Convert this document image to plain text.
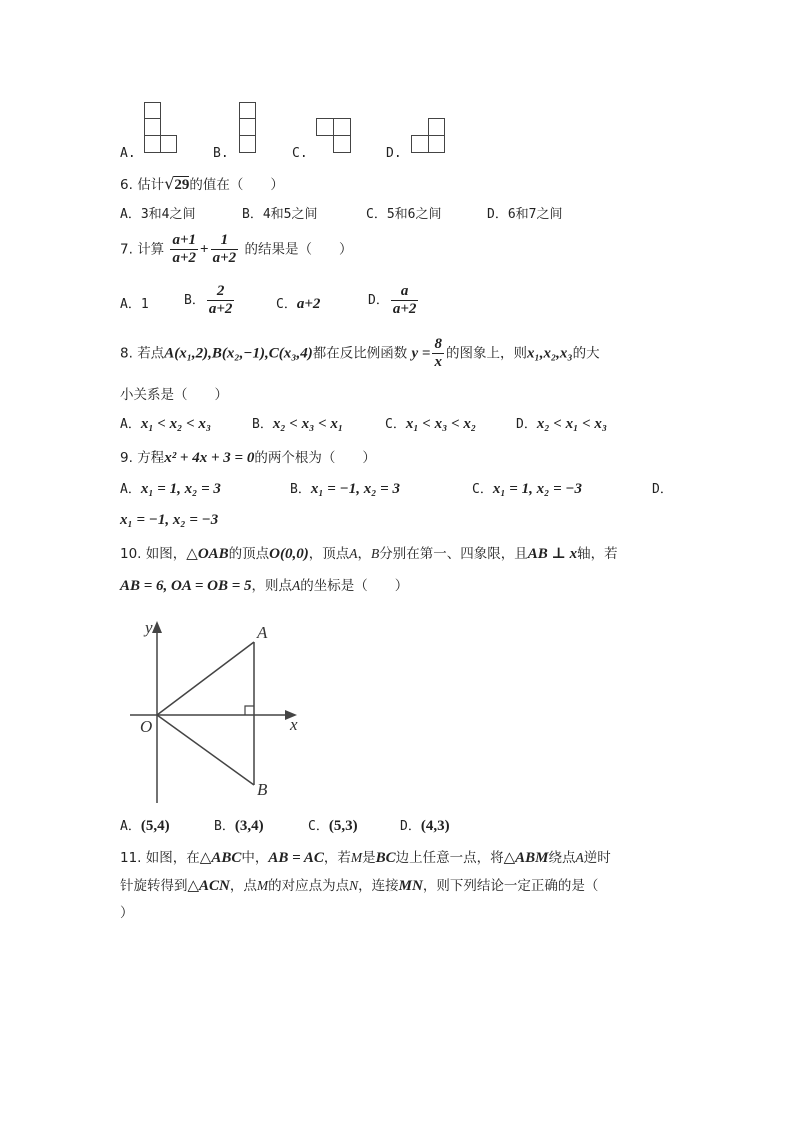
A.	B.	C.	D.
6. 估计√29的值在（　　）
A．3和4之间	B．4和5之间	C．5和6之间	D．6和7之间
7. 计算 $\frac{a+1}{a+2} + \frac{1}{a+2}$ 的结果是（　　）
A．1	B． $\frac{2}{a+2}$	C．a+2	D． $\frac{a}{a+2}$
8. 若点A(x₁,2),B(x₂,−1),C(x₃,4)都在反比例函数 $y = \frac{8}{x}$ 的图象上，则x₁,x₂,x₃的大
小关系是（　　）
A．x₁ < x₂ < x₃	B．x₂ < x₃ < x₁	C．x₁ < x₃ < x₂	D．x₂ < x₁ < x₃
9. 方程x² + 4x + 3 = 0的两个根为（　　）
A．x₁ = 1, x₂ = 3	B．x₁ = −1, x₂ = 3	C．x₁ = 1, x₂ = −3	D．
x₁ = −1, x₂ = −3
10. 如图，△OAB的顶点O(0,0)，顶点A，B分别在第一、四象限，且AB ⊥ x轴，若
AB = 6, OA = OB = 5，则点A的坐标是（　　）
y
x
O
A
B
A．(5,4)	B．(3,4)	C．(5,3)	D．(4,3)
11. 如图，在△ABC中，AB = AC，若M是BC边上任意一点，将△ABM绕点A逆时
针旋转得到△ACN，点M的对应点为点N，连接MN，则下列结论一定正确的是（
）
